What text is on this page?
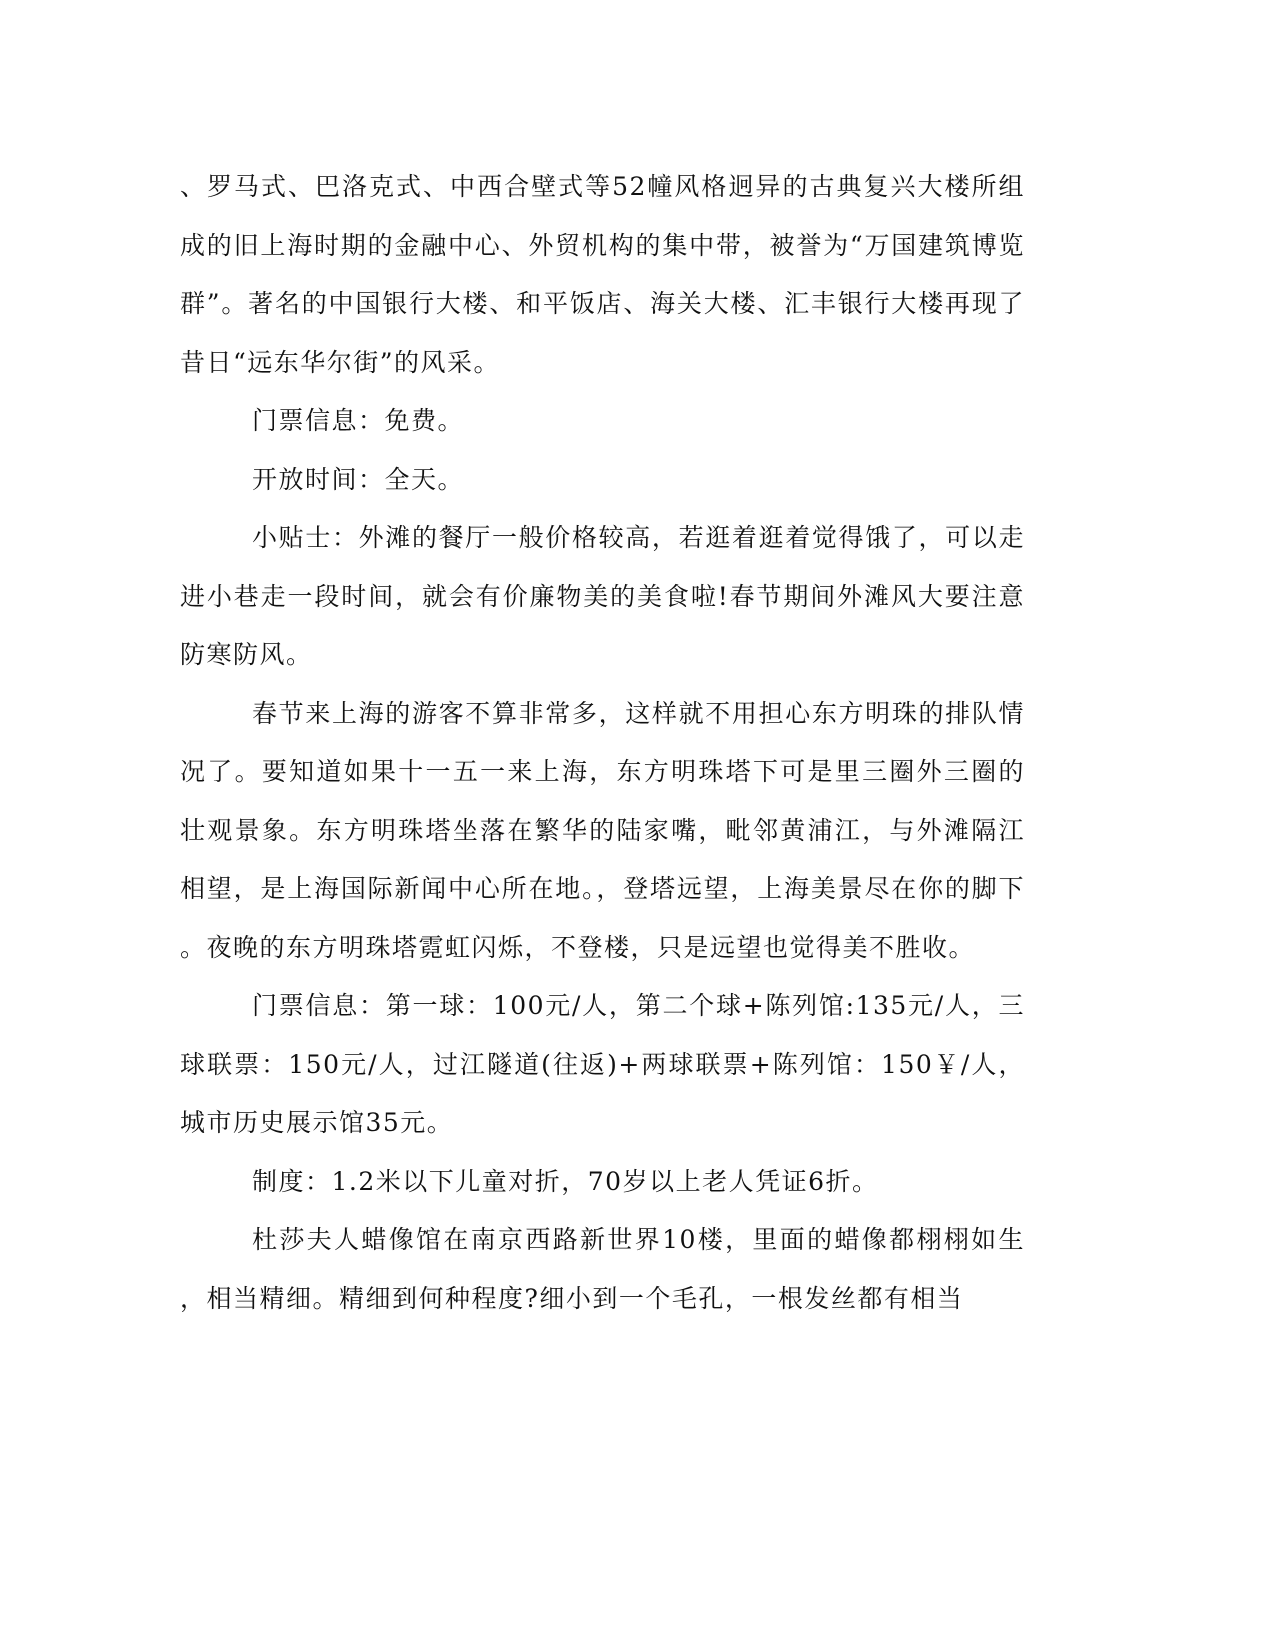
、罗马式、巴洛克式、中西合壁式等52幢风格迥异的古典复兴大楼所组成的旧上海时期的金融中心、外贸机构的集中带，被誉为“万国建筑博览群”。著名的中国银行大楼、和平饭店、海关大楼、汇丰银行大楼再现了昔日“远东华尔街”的风采。

门票信息：免费。

开放时间：全天。

小贴士：外滩的餐厅一般价格较高，若逛着逛着觉得饿了，可以走进小巷走一段时间，就会有价廉物美的美食啦!春节期间外滩风大要注意防寒防风。

春节来上海的游客不算非常多，这样就不用担心东方明珠的排队情况了。要知道如果十一五一来上海，东方明珠塔下可是里三圈外三圈的壮观景象。东方明珠塔坐落在繁华的陆家嘴，毗邻黄浦江，与外滩隔江相望，是上海国际新闻中心所在地。，登塔远望，上海美景尽在你的脚下。夜晚的东方明珠塔霓虹闪烁，不登楼，只是远望也觉得美不胜收。

门票信息：第一球：100元/人，第二个球+陈列馆:135元/人，三球联票：150元/人，过江隧道(往返)+两球联票+陈列馆：150￥/人，城市历史展示馆35元。

制度：1.2米以下儿童对折，70岁以上老人凭证6折。

杜莎夫人蜡像馆在南京西路新世界10楼，里面的蜡像都栩栩如生，相当精细。精细到何种程度?细小到一个毛孔，一根发丝都有相当
